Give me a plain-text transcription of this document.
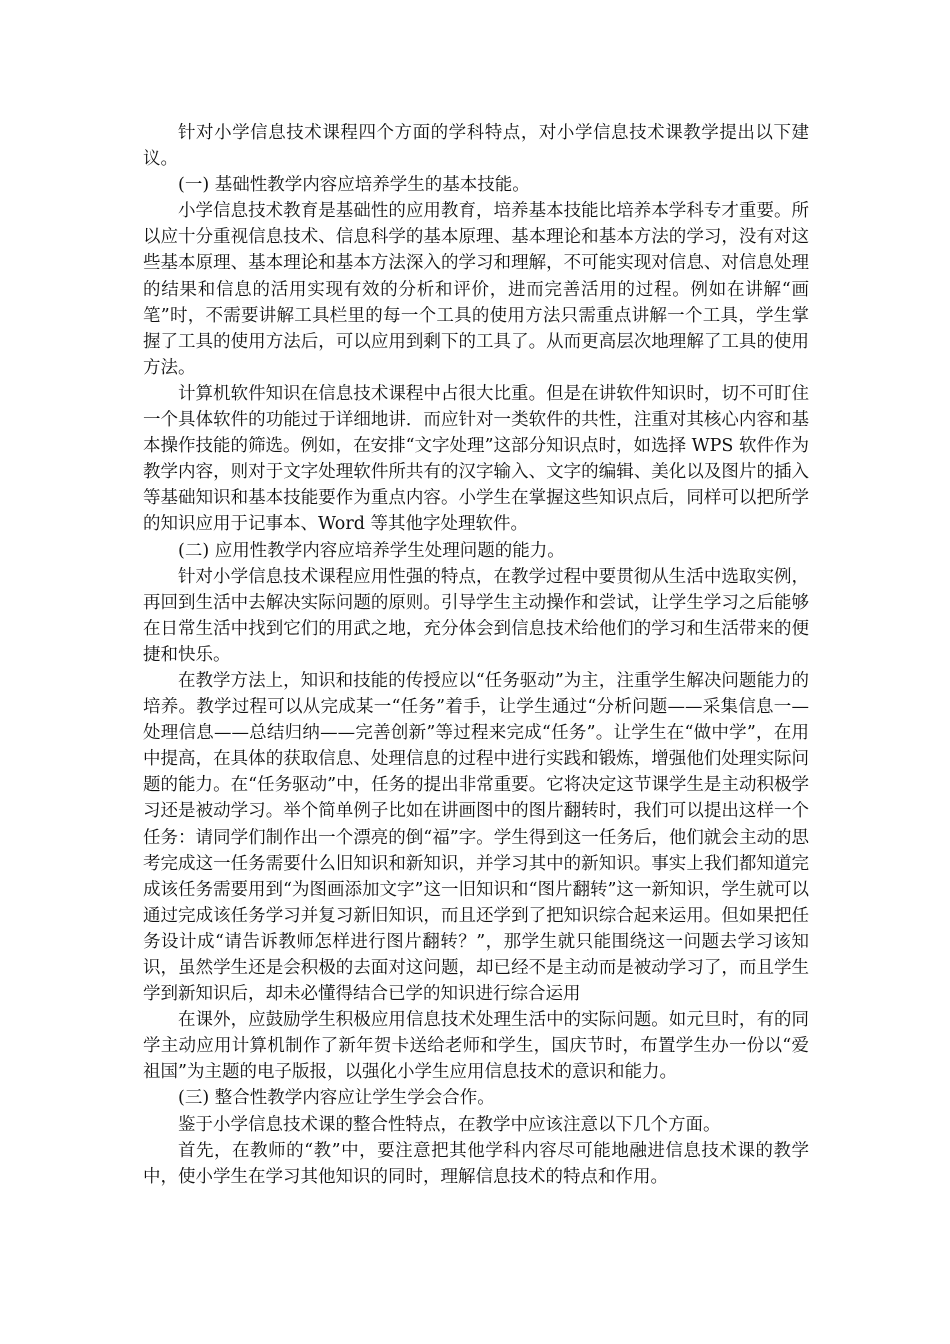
针对小学信息技术课程四个方面的学科特点，对小学信息技术课教学提出以下建议。

(一) 基础性教学内容应培养学生的基本技能。

小学信息技术教育是基础性的应用教育，培养基本技能比培养本学科专才重要。所以应十分重视信息技术、信息科学的基本原理、基本理论和基本方法的学习，没有对这些基本原理、基本理论和基本方法深入的学习和理解，不可能实现对信息、对信息处理的结果和信息的活用实现有效的分析和评价，进而完善活用的过程。例如在讲解“画笔”时，不需要讲解工具栏里的每一个工具的使用方法只需重点讲解一个工具，学生掌握了工具的使用方法后，可以应用到剩下的工具了。从而更高层次地理解了工具的使用方法。

计算机软件知识在信息技术课程中占很大比重。但是在讲软件知识时，切不可盯住一个具体软件的功能过于详细地讲．而应针对一类软件的共性，注重对其核心内容和基本操作技能的筛选。例如，在安排“文字处理”这部分知识点时，如选择 WPS 软件作为教学内容，则对于文字处理软件所共有的汉字输入、文字的编辑、美化以及图片的插入等基础知识和基本技能要作为重点内容。小学生在掌握这些知识点后，同样可以把所学的知识应用于记事本、Word 等其他字处理软件。

(二) 应用性教学内容应培养学生处理问题的能力。

针对小学信息技术课程应用性强的特点，在教学过程中要贯彻从生活中选取实例，再回到生活中去解决实际问题的原则。引导学生主动操作和尝试，让学生学习之后能够在日常生活中找到它们的用武之地，充分体会到信息技术给他们的学习和生活带来的便捷和快乐。

在教学方法上，知识和技能的传授应以“任务驱动”为主，注重学生解决问题能力的培养。教学过程可以从完成某一“任务”着手，让学生通过“分析问题——采集信息一—处理信息——总结归纳——完善创新”等过程来完成“任务”。让学生在“做中学”，在用中提高，在具体的获取信息、处理信息的过程中进行实践和锻炼，增强他们处理实际问题的能力。在“任务驱动”中，任务的提出非常重要。它将决定这节课学生是主动积极学习还是被动学习。举个简单例子比如在讲画图中的图片翻转时，我们可以提出这样一个任务：请同学们制作出一个漂亮的倒“福”字。学生得到这一任务后，他们就会主动的思考完成这一任务需要什么旧知识和新知识，并学习其中的新知识。事实上我们都知道完成该任务需要用到“为图画添加文字”这一旧知识和“图片翻转”这一新知识，学生就可以通过完成该任务学习并复习新旧知识，而且还学到了把知识综合起来运用。但如果把任务设计成“请告诉教师怎样进行图片翻转？”，那学生就只能围绕这一问题去学习该知识，虽然学生还是会积极的去面对这问题，却已经不是主动而是被动学习了，而且学生学到新知识后，却未必懂得结合已学的知识进行综合运用

在课外，应鼓励学生积极应用信息技术处理生活中的实际问题。如元旦时，有的同学主动应用计算机制作了新年贺卡送给老师和学生，国庆节时，布置学生办一份以“爱祖国”为主题的电子版报，以强化小学生应用信息技术的意识和能力。

(三) 整合性教学内容应让学生学会合作。

鉴于小学信息技术课的整合性特点，在教学中应该注意以下几个方面。

首先，在教师的“教”中，要注意把其他学科内容尽可能地融进信息技术课的教学中，使小学生在学习其他知识的同时，理解信息技术的特点和作用。
